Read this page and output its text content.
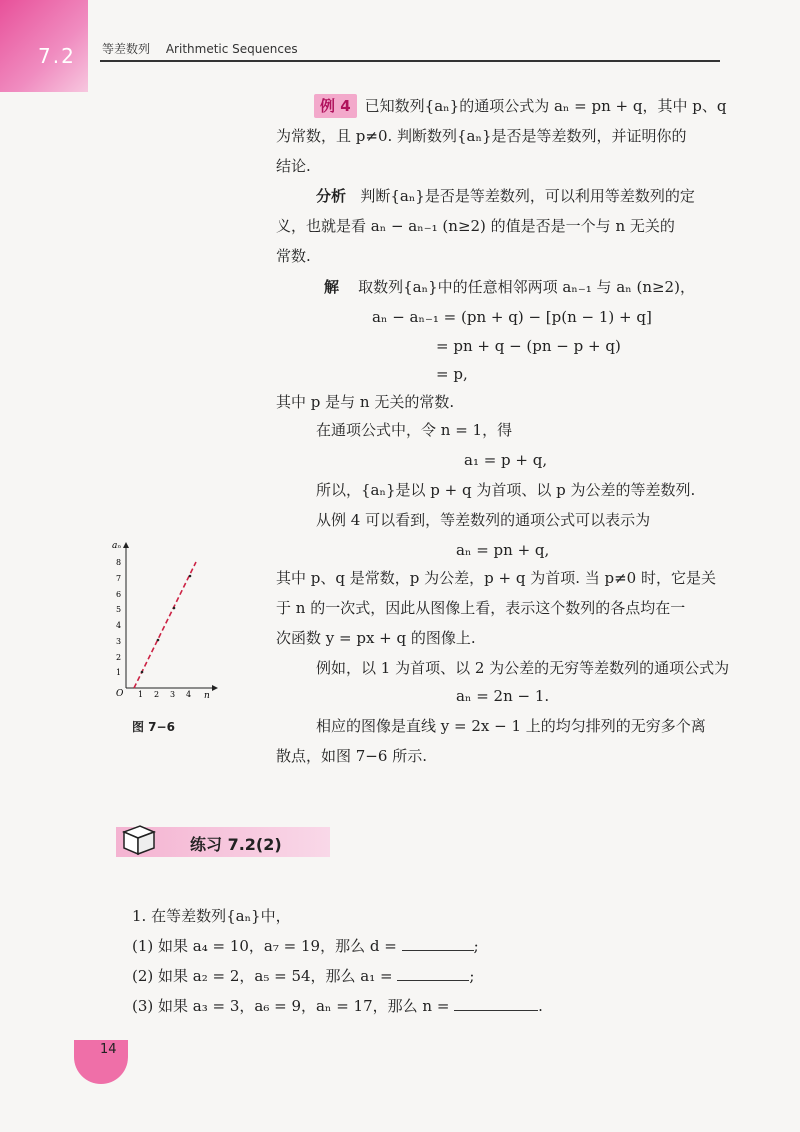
7.2 等差数列 Arithmetic Sequences
例 4 已知数列{aₙ}的通项公式为 aₙ = pn + q，其中 p、q
为常数，且 p≠0. 判断数列{aₙ}是否是等差数列，并证明你的
结论.
分析 判断{aₙ}是否是等差数列，可以利用等差数列的定
义，也就是看 aₙ − aₙ₋₁ (n≥2) 的值是否是一个与 n 无关的
常数.
解 取数列{aₙ}中的任意相邻两项 aₙ₋₁ 与 aₙ (n≥2)，
aₙ − aₙ₋₁ = (pn + q) − [p(n − 1) + q]
= pn + q − (pn − p + q)
= p,
其中 p 是与 n 无关的常数.
在通项公式中，令 n = 1，得
a₁ = p + q,
所以，{aₙ}是以 p + q 为首项、以 p 为公差的等差数列.
从例 4 可以看到，等差数列的通项公式可以表示为
aₙ = pn + q,
其中 p、q 是常数，p 为公差，p + q 为首项. 当 p≠0 时，它是关
于 n 的一次式，因此从图像上看，表示这个数列的各点均在一
次函数 y = px + q 的图像上.
例如，以 1 为首项、以 2 为公差的无穷等差数列的通项公式为
aₙ = 2n − 1.
相应的图像是直线 y = 2x − 1 上的均匀排列的无穷多个离
散点，如图 7−6 所示.
aₙ
n
O
1
2
3
4
5
6
7
8
1 2 3 4
图 7−6
练习 7.2(2)
1. 在等差数列{aₙ}中，
(1) 如果 a₄ = 10，a₇ = 19，那么 d =	;
(2) 如果 a₂ = 2，a₅ = 54，那么 a₁ =	;
(3) 如果 a₃ = 3，a₆ = 9，aₙ = 17，那么 n =	.
14
